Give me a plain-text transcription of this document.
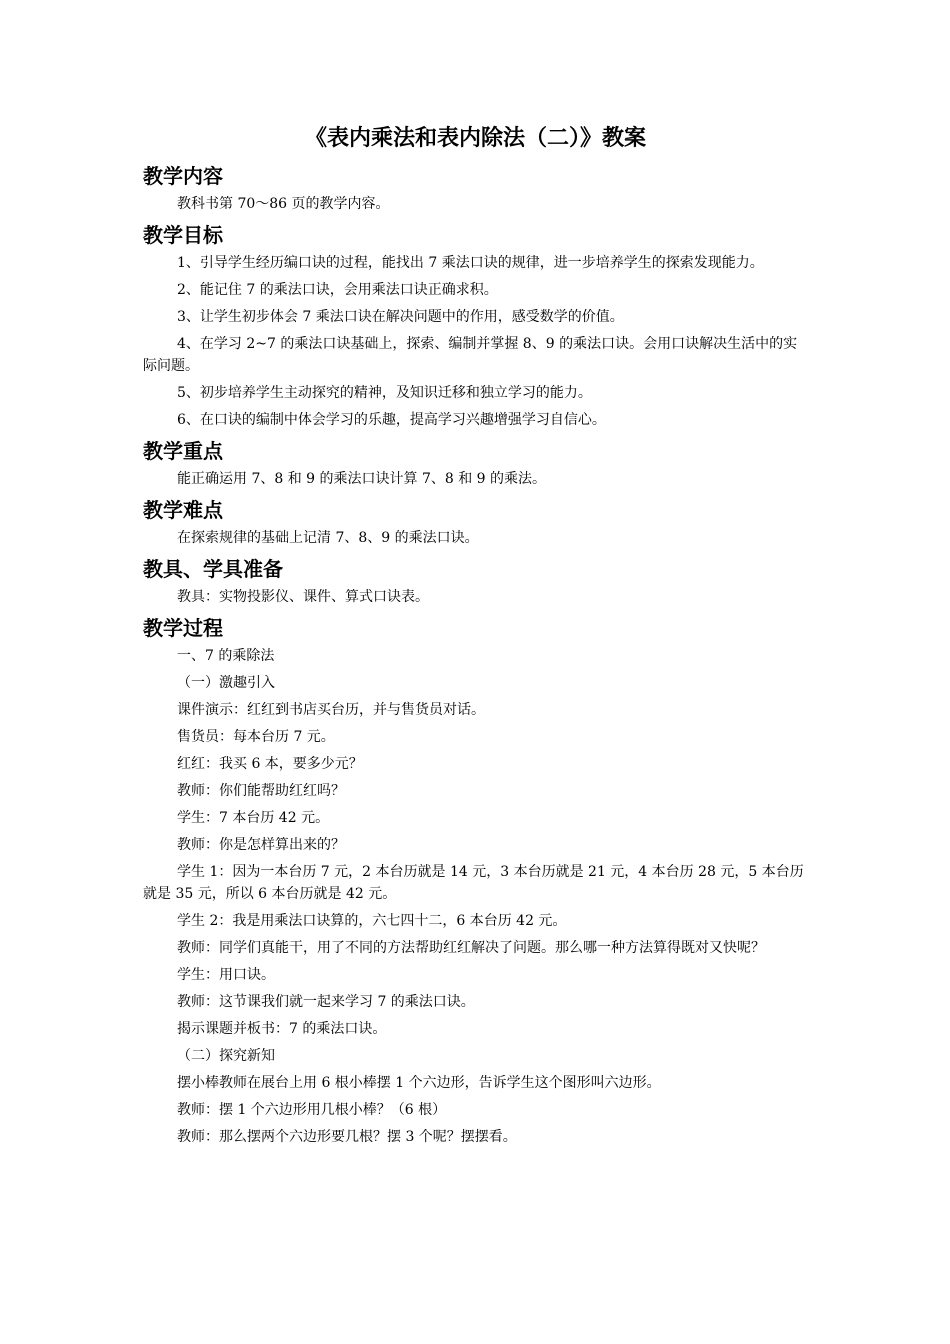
《表内乘法和表内除法（二）》教案
教学内容
教科书第 70～86 页的教学内容。
教学目标
1、引导学生经历编口诀的过程，能找出 7 乘法口诀的规律，进一步培养学生的探索发现能力。
2、能记住 7 的乘法口诀，会用乘法口诀正确求积。
3、让学生初步体会 7 乘法口诀在解决问题中的作用，感受数学的价值。
4、在学习 2~7 的乘法口诀基础上，探索、编制并掌握 8、9 的乘法口诀。会用口诀解决生活中的实际问题。
5、初步培养学生主动探究的精神，及知识迁移和独立学习的能力。
6、在口诀的编制中体会学习的乐趣，提高学习兴趣增强学习自信心。
教学重点
能正确运用 7、8 和 9 的乘法口诀计算 7、8 和 9 的乘法。
教学难点
在探索规律的基础上记清 7、8、9 的乘法口诀。
教具、学具准备
教具：实物投影仪、课件、算式口诀表。
教学过程
一、7 的乘除法
（一）激趣引入
课件演示：红红到书店买台历，并与售货员对话。
售货员：每本台历 7 元。
红红：我买 6 本，要多少元？
教师：你们能帮助红红吗？
学生：7 本台历 42 元。
教师：你是怎样算出来的？
学生 1：因为一本台历 7 元，2 本台历就是 14 元，3 本台历就是 21 元，4 本台历 28 元，5 本台历就是 35 元，所以 6 本台历就是 42 元。
学生 2：我是用乘法口诀算的，六七四十二，6 本台历 42 元。
教师：同学们真能干，用了不同的方法帮助红红解决了问题。那么哪一种方法算得既对又快呢？
学生：用口诀。
教师：这节课我们就一起来学习 7 的乘法口诀。
揭示课题并板书：7 的乘法口诀。
（二）探究新知
摆小棒教师在展台上用 6 根小棒摆 1 个六边形，告诉学生这个图形叫六边形。
教师：摆 1 个六边形用几根小棒？（6 根）
教师：那么摆两个六边形要几根？摆 3 个呢？摆摆看。
